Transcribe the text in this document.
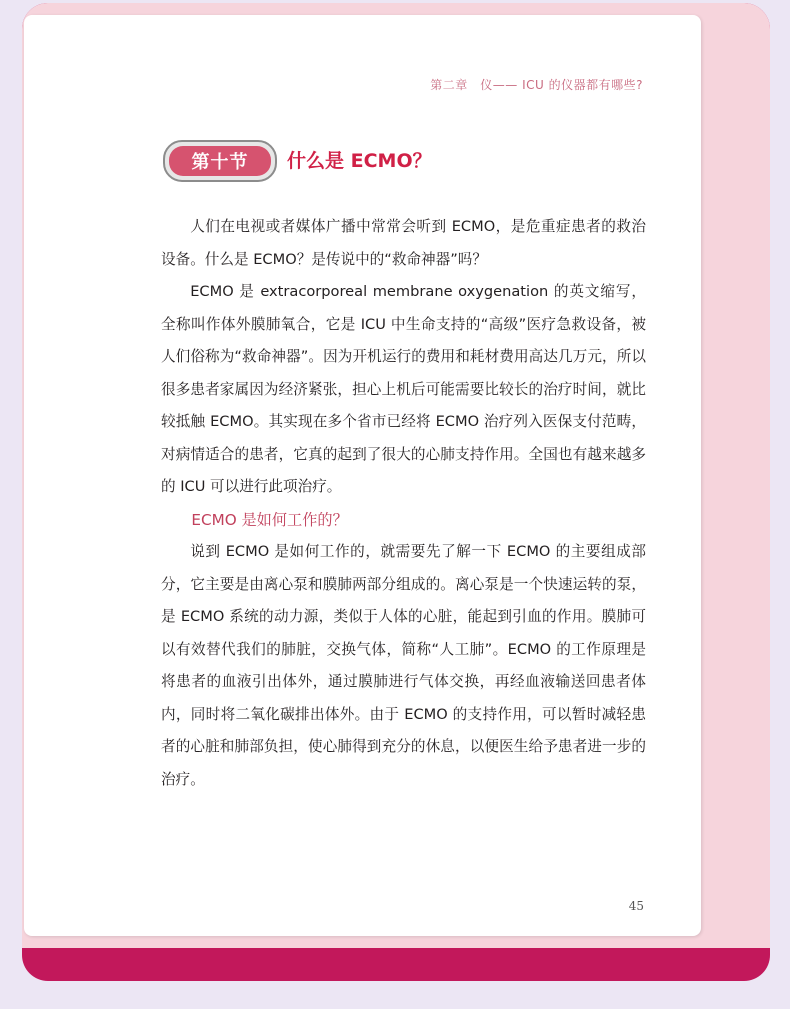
第二章　仪—— ICU 的仪器都有哪些?
第十节	什么是 ECMO？

人们在电视或者媒体广播中常常会听到 ECMO，是危重症患者的救治设备。什么是 ECMO？是传说中的“救命神器”吗？

ECMO 是 extracorporeal membrane oxygenation 的英文缩写，全称叫作体外膜肺氧合，它是 ICU 中生命支持的“高级”医疗急救设备，被人们俗称为“救命神器”。因为开机运行的费用和耗材费用高达几万元，所以很多患者家属因为经济紧张，担心上机后可能需要比较长的治疗时间，就比较抵触 ECMO。其实现在多个省市已经将 ECMO 治疗列入医保支付范畴，对病情适合的患者，它真的起到了很大的心肺支持作用。全国也有越来越多的 ICU 可以进行此项治疗。

ECMO 是如何工作的？

说到 ECMO 是如何工作的，就需要先了解一下 ECMO 的主要组成部分，它主要是由离心泵和膜肺两部分组成的。离心泵是一个快速运转的泵，是 ECMO 系统的动力源，类似于人体的心脏，能起到引血的作用。膜肺可以有效替代我们的肺脏，交换气体，简称“人工肺”。ECMO 的工作原理是将患者的血液引出体外，通过膜肺进行气体交换，再经血液输送回患者体内，同时将二氧化碳排出体外。由于 ECMO 的支持作用，可以暂时减轻患者的心脏和肺部负担，使心肺得到充分的休息，以便医生给予患者进一步的治疗。

45
